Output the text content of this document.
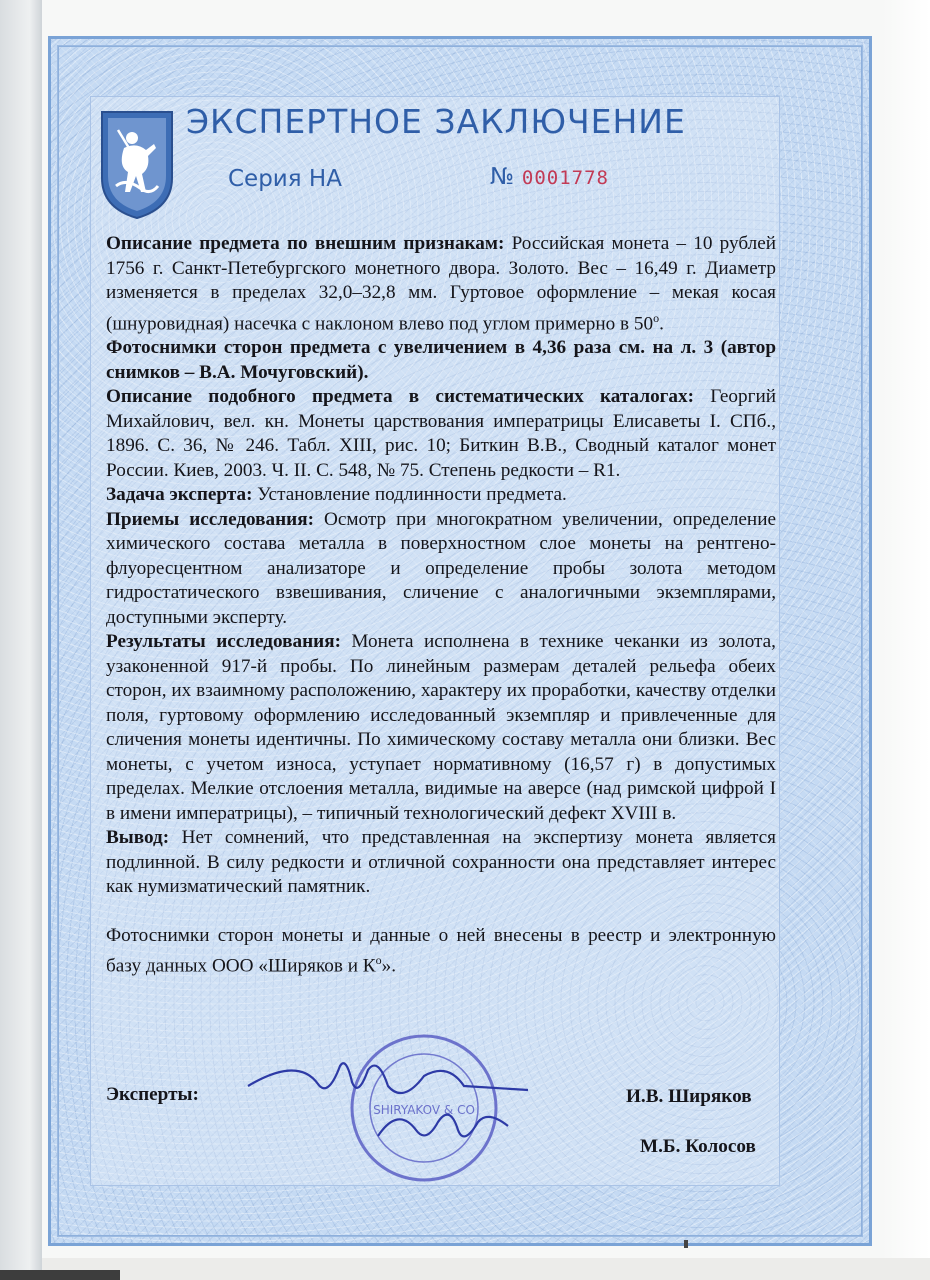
ЭКСПЕРТНОЕ ЗАКЛЮЧЕНИЕ
Серия НА	№ 0001778

Описание предмета по внешним признакам: Российская монета – 10 рублей 1756 г. Санкт-Петебургского монетного двора. Золото. Вес – 16,49 г. Диаметр изменяется в пределах 32,0–32,8 мм. Гуртовое оформление – мекая косая (шнуровидная) насечка с наклоном влево под углом примерно в 50$^o$.

Фотоснимки сторон предмета с увеличением в 4,36 раза см. на л. 3 (автор снимков – В.А. Мочуговский).

Описание подобного предмета в систематических каталогах: Георгий Михайлович, вел. кн. Монеты царствования императрицы Елисаветы I. СПб., 1896. С. 36, № 246. Табл. XIII, рис. 10; Биткин В.В., Сводный каталог монет России. Киев, 2003. Ч. II. С. 548, № 75. Степень редкости – R1.

Задача эксперта: Установление подлинности предмета.

Приемы исследования: Осмотр при многократном увеличении, определение химического состава металла в поверхностном слое монеты на рентгено-флуоресцентном анализаторе и определение пробы золота методом гидростатического взвешивания, сличение с аналогичными экземплярами, доступными эксперту.

Результаты исследования: Монета исполнена в технике чеканки из золота, узаконенной 917-й пробы. По линейным размерам деталей рельефа обеих сторон, их взаимному расположению, характеру их проработки, качеству отделки поля, гуртовому оформлению исследованный экземпляр и привлеченные для сличения монеты идентичны. По химическому составу металла они близки. Вес монеты, с учетом износа, уступает нормативному (16,57 г) в допустимых пределах. Мелкие отслоения металла, видимые на аверсе (над римской цифрой I в имени императрицы), – типичный технологический дефект XVIII в.

Вывод: Нет сомнений, что представленная на экспертизу монета является подлинной. В силу редкости и отличной сохранности она представляет интерес как нумизматический памятник.

Фотоснимки сторон монеты и данные о ней внесены в реестр и электронную базу данных ООО «Ширяков и $К^о$».

SHIRYAKOV & CO
Эксперты:	И.В. Ширяков
М.Б. Колосов
